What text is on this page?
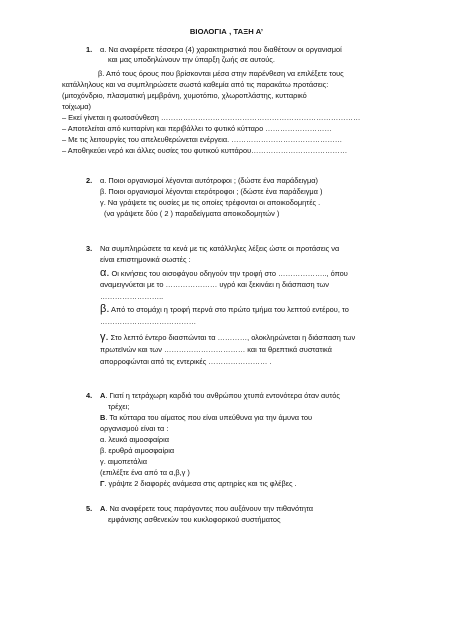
ΒΙΟΛΟΓΙΑ , ΤΑΞΗ Α’
1. α. Να αναφέρετε τέσσερα (4) χαρακτηριστικά που διαθέτουν οι οργανισμοί
και μας υποδηλώνουν την ύπαρξη ζωής σε αυτούς.
β. Από τους όρους που βρίσκονται μέσα στην παρένθεση να επιλέξετε τους
κατάλληλους και να συμπληρώσετε σωστά καθεμία από τις παρακάτω προτάσεις:
(μιτοχόνδριο, πλασματική μεμβράνη, χυμοτόπιο, χλωροπλάστης, κυτταρικό
τοίχωμα)
– Εκεί γίνεται η φωτοσύνθεση ………………………………………………………………………
– Αποτελείται από κυτταρίνη και περιβάλλει το φυτικό κύτταρο ………………………
– Με τις λειτουργίες του απελευθερώνεται ενέργεια. ………………………………………
– Αποθηκεύει νερό και άλλες ουσίες του φυτικού κυττάρου…………………………………
2. α. Ποιοι οργανισμοί λέγονται αυτότροφοι ; (δώστε ένα παράδειγμα)
β. Ποιοι οργανισμοί λέγονται ετερότροφοι ; (δώστε ένα παράδειγμα )
γ. Να γράψετε τις ουσίες με τις οποίες τρέφονται οι αποικοδομητές .
(να γράψετε δύο ( 2 ) παραδείγματα αποικοδομητών )
3. Να συμπληρώσετε τα κενά με τις κατάλληλες λέξεις ώστε οι προτάσεις να
είναι επιστημονικά σωστές :
α. Οι κινήσεις του οισοφάγου οδηγούν την τροφή στο ……………….., όπου
αναμειγνύεται με το ………………… υγρό και ξεκινάει η διάσπαση των
……………………..
β. Από το στομάχι η τροφή περνά στο πρώτο τμήμα του λεπτού εντέρου, το
…………………………………
γ. Στο λεπτό έντερο διασπώνται τα …………, ολοκληρώνεται η διάσπαση των
πρωτεϊνών και των …………………………… και τα θρεπτικά συστατικά
απορροφώνται από τις εντερικές …………………… .
4. Α. Γιατί η τετράχωρη καρδιά του ανθρώπου χτυπά εντονότερα όταν αυτός
τρέχει;
Β. Τα κύτταρα του αίματος που είναι υπεύθυνα για την άμυνα του
οργανισμού είναι τα :
α. λευκά αιμοσφαίρια
β. ερυθρά αιμοσφαίρια
γ. αιμοπετάλια
(επιλέξτε ένα από τα α,β,γ )
Γ. γράψτε 2 διαφορές ανάμεσα στις αρτηρίες και τις φλέβες .
5. Α. Να αναφέρετε τους παράγοντες που αυξάνουν την πιθανότητα
εμφάνισης ασθενειών του κυκλοφορικού συστήματος
